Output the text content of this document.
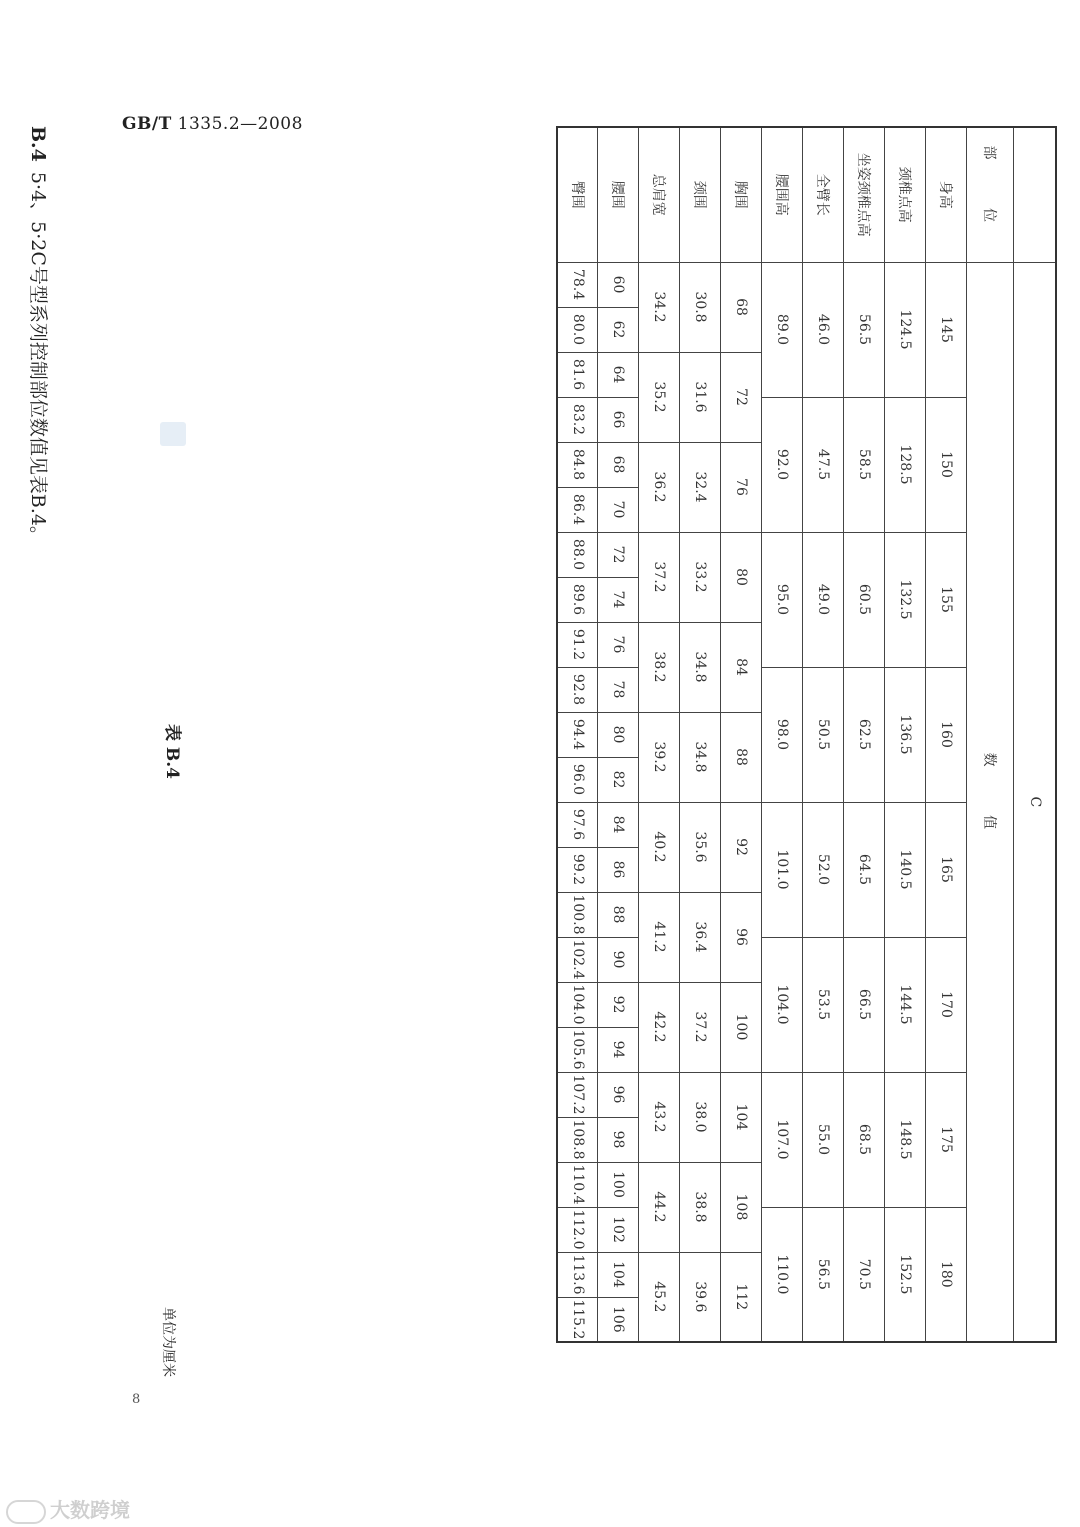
GB/T 1335.2—2008
	C																							
部 位	数 值																							
身高	145			150			155			160			165			170			175			180		
颈椎点高	124.5			128.5			132.5			136.5			140.5			144.5			148.5			152.5		
坐姿颈椎点高	56.5			58.5			60.5			62.5			64.5			66.5			68.5			70.5		
全臂长	46.0			47.5			49.0			50.5			52.0			53.5			55.0			56.5		
腰围高	89.0			92.0			95.0			98.0			101.0			104.0			107.0			110.0		
胸围	68		72		76		80		84		88		92		96		100		104		108		112	
颈围	30.8		31.6		32.4		33.2		34.8		34.8		35.6		36.4		37.2		38.0		38.8		39.6	
总肩宽	34.2		35.2		36.2		37.2		38.2		39.2		40.2		41.2		42.2		43.2		44.2		45.2	
腰围	60	62	64	66	68	70	72	74	76	78	80	82	84	86	88	90	92	94	96	98	100	102	104	106
臀围	78.4	80.0	81.6	83.2	84.8	86.4	88.0	89.6	91.2	92.8	94.4	96.0	97.6	99.2	100.8	102.4	104.0	105.6	107.2	108.8	110.4	112.0	113.6	115.2
表 B.4
单位为厘米
B.45·4、5·2C号型系列控制部位数值见表B.4。
8
大数跨境
